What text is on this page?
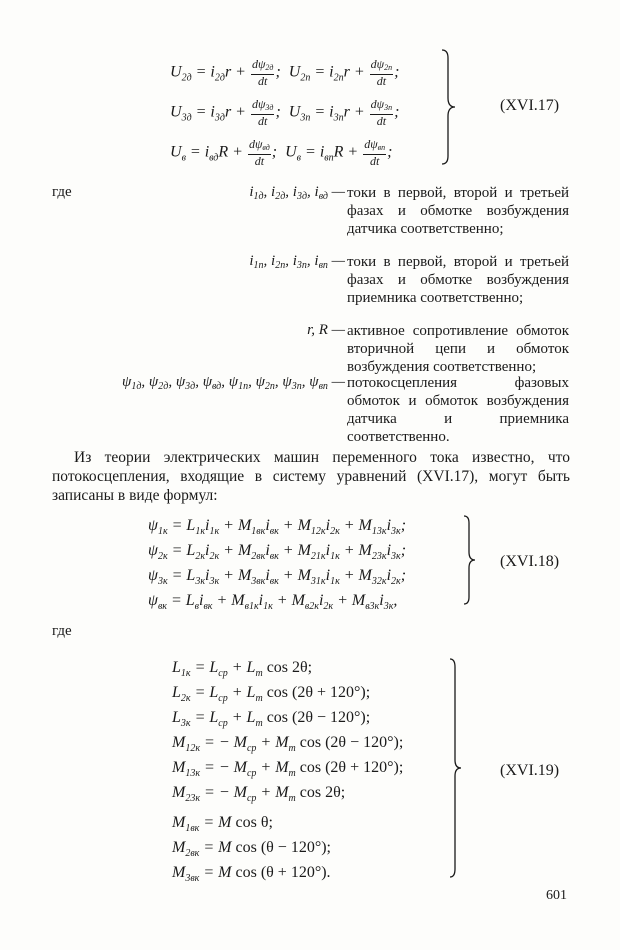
$U_{2д} = i_{2д}r + \frac{d\psi_{2д}}{dt}$ ;  $U_{2п} = i_{2п}r + \frac{d\psi_{2п}}{dt}$ ;
$U_{3д} = i_{3д}r + \frac{d\psi_{3д}}{dt}$ ;  $U_{3п} = i_{3п}r + \frac{d\psi_{3п}}{dt}$ ;
$U_в = i_{вд}R + \frac{d\psi_{вд}}{dt}$ ;  $U_в = i_{вп}R + \frac{d\psi_{вп}}{dt}$ ;
(XVI.17)
где	$i_{1д}$, $i_{2д}$, $i_{3д}$, $i_{вд}$ — токи в первой, второй и третьей фазах и обмотке возбуждения датчика соответственно;
$i_{1п}$, $i_{2п}$, $i_{3п}$, $i_{вп}$ — токи в первой, второй и третьей фазах и обмотке возбуждения приемника соответственно;
r, R — активное сопротивление обмоток вторичной цепи и обмоток возбуждения соответственно;
$\psi_{1д}$, $\psi_{2д}$, $\psi_{3д}$, $\psi_{вд}$, $\psi_{1п}$, $\psi_{2п}$, $\psi_{3п}$, $\psi_{вп}$ — потокосцепления фазовых обмоток и обмоток возбуждения датчика и приемника соответственно.
Из теории электрических машин переменного тока известно, что потокосцепления, входящие в систему уравнений (XVI.17), могут быть записаны в виде формул:
$\psi_{1к} = L_{1к}i_{1к} + M_{1вк}i_{вк} + M_{12к}i_{2к} + M_{13к}i_{3к}$;
$\psi_{2к} = L_{2к}i_{2к} + M_{2вк}i_{вк} + M_{21к}i_{1к} + M_{23к}i_{3к}$;
$\psi_{3к} = L_{3к}i_{3к} + M_{3вк}i_{вк} + M_{31к}i_{1к} + M_{32к}i_{2к}$;
$\psi_{вк} = L_вi_{вк} + M_{в1к}i_{1к} + M_{в2к}i_{2к} + M_{в3к}i_{3к}$,
(XVI.18)
где
$L_{1к} = L_{ср} + L_m$ cos 2θ;
$L_{2к} = L_{ср} + L_m$ cos (2θ + 120°);
$L_{3к} = L_{ср} + L_m$ cos (2θ − 120°);
$M_{12к}$ = − $M_{ср} + M_m$ cos (2θ − 120°);
$M_{13к}$ = − $M_{ср} + M_m$ cos (2θ + 120°);
$M_{23к}$ = − $M_{ср} + M_m$ cos 2θ;
$M_{1вк} = M$ cos θ;
$M_{2вк} = M$ cos (θ − 120°);
$M_{3вк} = M$ cos (θ + 120°).
(XVI.19)
601
